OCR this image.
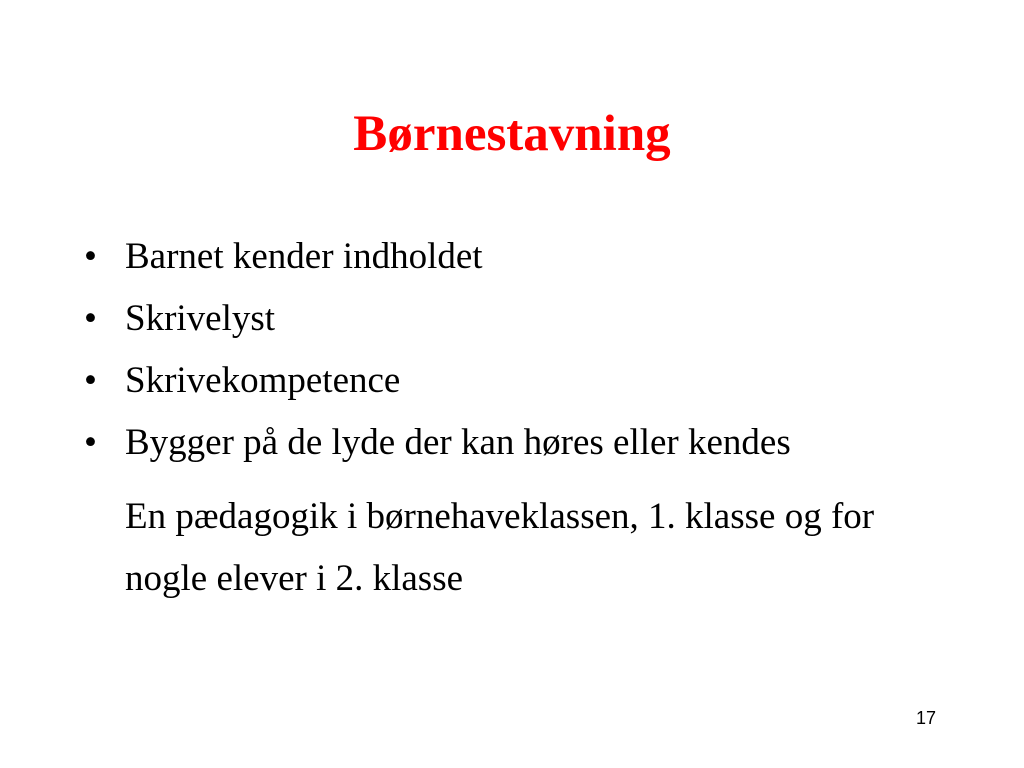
Børnestavning
• Barnet kender indholdet
• Skrivelyst
• Skrivekompetence
• Bygger på de lyde der kan høres eller kendes
En pædagogik i børnehaveklassen, 1. klasse og for nogle elever i 2. klasse
17
